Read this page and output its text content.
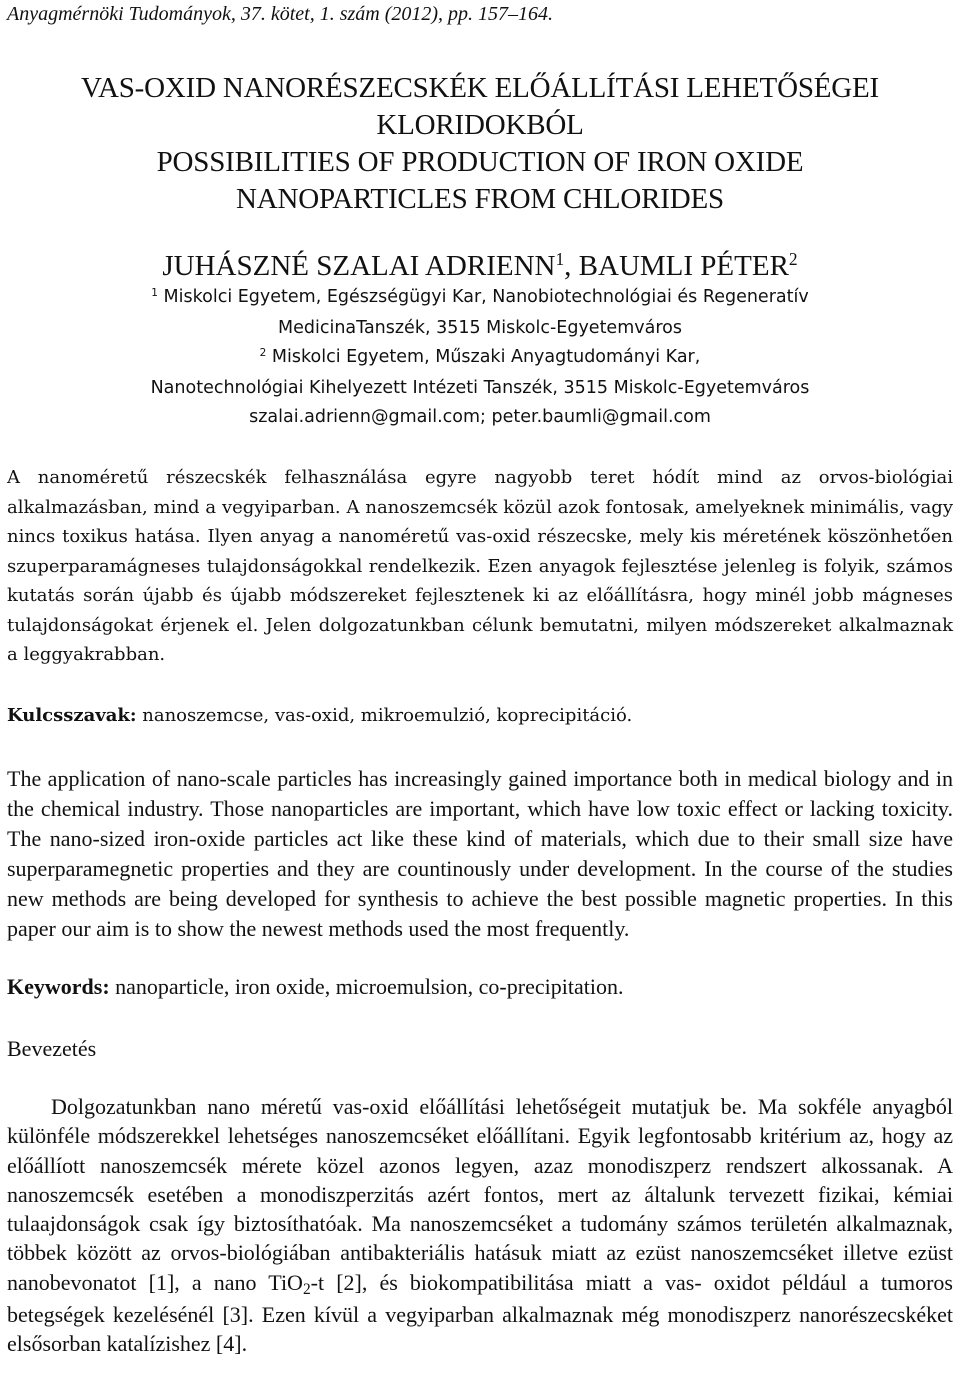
Anyagmérnöki Tudományok, 37. kötet, 1. szám (2012), pp. 157–164.
VAS-OXID NANORÉSZECSKÉK ELŐÁLLÍTÁSI LEHETŐSÉGEI
KLORIDOKBÓL
POSSIBILITIES OF PRODUCTION OF IRON OXIDE
NANOPARTICLES FROM CHLORIDES
JUHÁSZNÉ SZALAI ADRIENN$^1$, BAUMLI PÉTER$^2$
$^1$ Miskolci Egyetem, Egészségügyi Kar, Nanobiotechnológiai és Regeneratív
MedicinaTanszék, 3515 Miskolc-Egyetemváros
$^2$ Miskolci Egyetem, Műszaki Anyagtudományi Kar,
Nanotechnológiai Kihelyezett Intézeti Tanszék, 3515 Miskolc-Egyetemváros
szalai.adrienn@gmail.com; peter.baumli@gmail.com
A nanoméretű részecskék felhasználása egyre nagyobb teret hódít mind az orvos-biológiai alkalmazásban, mind a vegyiparban. A nanoszemcsék közül azok fontosak, amelyeknek minimális, vagy nincs toxikus hatása. Ilyen anyag a nanoméretű vas-oxid részecske, mely kis méretének köszönhetően szuperparamágneses tulajdonságokkal rendelkezik. Ezen anyagok fejlesztése jelenleg is folyik, számos kutatás során újabb és újabb módszereket fejlesztenek ki az előállításra, hogy minél jobb mágneses tulajdonságokat érjenek el. Jelen dolgozatunkban célunk bemutatni, milyen módszereket alkalmaznak a leggyakrabban.
Kulcsszavak: nanoszemcse, vas-oxid, mikroemulzió, koprecipitáció.
The application of nano-scale particles has increasingly gained importance both in medical biology and in the chemical industry. Those nanoparticles are important, which have low toxic effect or lacking toxicity. The nano-sized iron-oxide particles act like these kind of materials, which due to their small size have superparamegnetic properties and they are countinously under development. In the course of the studies new methods are being developed for synthesis to achieve the best possible magnetic properties. In this paper our aim is to show the newest methods used the most frequently.
Keywords: nanoparticle, iron oxide, microemulsion, co-precipitation.
Bevezetés
Dolgozatunkban nano méretű vas-oxid előállítási lehetőségeit mutatjuk be. Ma sokféle anyagból különféle módszerekkel lehetséges nanoszemcséket előállítani. Egyik legfontosabb kritérium az, hogy az előállíott nanoszemcsék mérete közel azonos legyen, azaz monodiszperz rendszert alkossanak. A nanoszemcsék esetében a monodiszperzitás azért fontos, mert az általunk tervezett fizikai, kémiai tulaajdonságok csak így biztosíthatóak. Ma nanoszemcséket a tudomány számos területén alkalmaznak, többek között az orvos-biológiában antibakteriális hatásuk miatt az ezüst nanoszemcséket illetve ezüst nanobevonatot [1], a nano TiO$_2$-t [2], és biokompatibilitása miatt a vas- oxidot például a tumoros betegségek kezelésénél [3]. Ezen kívül a vegyiparban alkalmaznak még monodiszperz nanorészecskéket elsősorban katalízishez [4].
